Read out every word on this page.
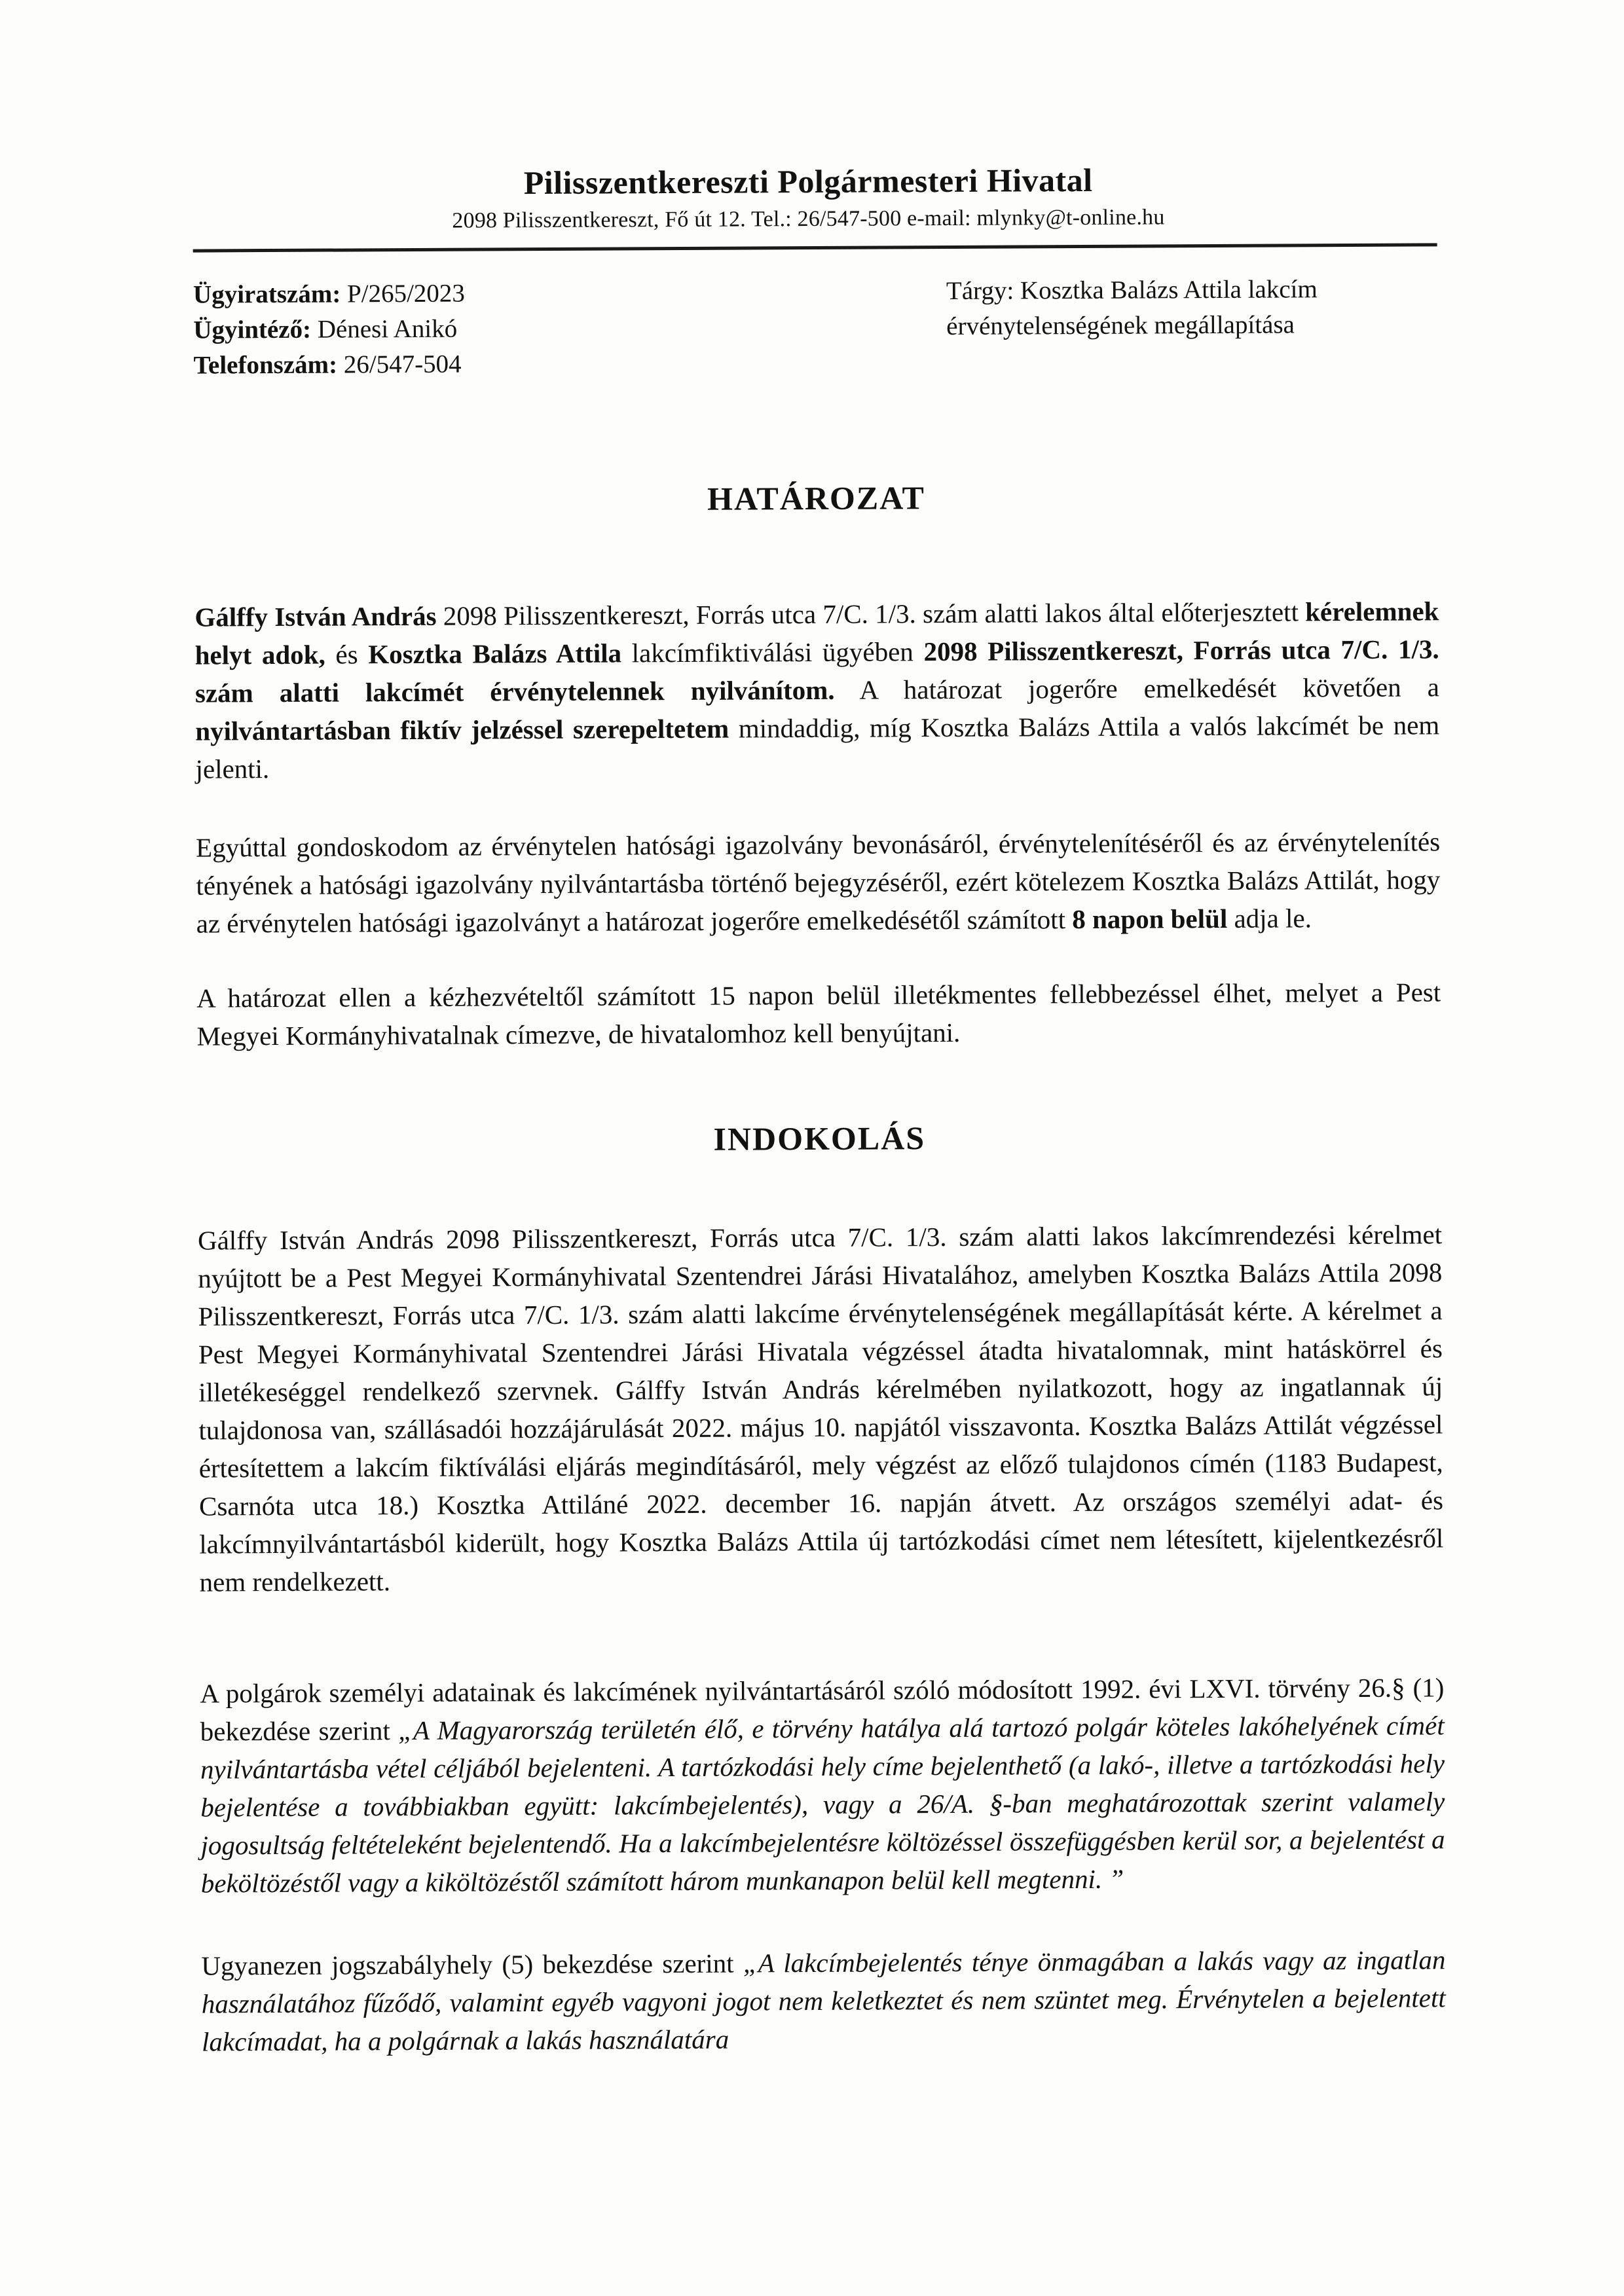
Pilisszentkereszti Polgármesteri Hivatal
2098 Pilisszentkereszt, Fő út 12. Tel.: 26/547-500 e-mail: mlynky@t-online.hu
Ügyiratszám: P/265/2023
Ügyintéző: Dénesi Anikó
Telefonszám: 26/547-504
Tárgy: Kosztka Balázs Attila lakcím érvénytelenségének megállapítása
HATÁROZAT

Gálffy István András 2098 Pilisszentkereszt, Forrás utca 7/C. 1/3. szám alatti lakos által előterjesztett kérelemnek helyt adok, és Kosztka Balázs Attila lakcímfiktiválási ügyében 2098 Pilisszentkereszt, Forrás utca 7/C. 1/3. szám alatti lakcímét érvénytelennek nyilvánítom. A határozat jogerőre emelkedését követően a nyilvántartásban fiktív jelzéssel szerepeltetem mindaddig, míg Kosztka Balázs Attila a valós lakcímét be nem jelenti.

Egyúttal gondoskodom az érvénytelen hatósági igazolvány bevonásáról, érvénytelenítéséről és az érvénytelenítés tényének a hatósági igazolvány nyilvántartásba történő bejegyzéséről, ezért kötelezem Kosztka Balázs Attilát, hogy az érvénytelen hatósági igazolványt a határozat jogerőre emelkedésétől számított 8 napon belül adja le.

A határozat ellen a kézhezvételtől számított 15 napon belül illetékmentes fellebbezéssel élhet, melyet a Pest Megyei Kormányhivatalnak címezve, de hivatalomhoz kell benyújtani.

INDOKOLÁS

Gálffy István András 2098 Pilisszentkereszt, Forrás utca 7/C. 1/3. szám alatti lakos lakcímrendezési kérelmet nyújtott be a Pest Megyei Kormányhivatal Szentendrei Járási Hivatalához, amelyben Kosztka Balázs Attila 2098 Pilisszentkereszt, Forrás utca 7/C. 1/3. szám alatti lakcíme érvénytelenségének megállapítását kérte. A kérelmet a Pest Megyei Kormányhivatal Szentendrei Járási Hivatala végzéssel átadta hivatalomnak, mint hatáskörrel és illetékeséggel rendelkező szervnek. Gálffy István András kérelmében nyilatkozott, hogy az ingatlannak új tulajdonosa van, szállásadói hozzájárulását 2022. május 10. napjától visszavonta. Kosztka Balázs Attilát végzéssel értesítettem a lakcím fiktíválási eljárás megindításáról, mely végzést az előző tulajdonos címén (1183 Budapest, Csarnóta utca 18.) Kosztka Attiláné 2022. december 16. napján átvett. Az országos személyi adat- és lakcímnyilvántartásból kiderült, hogy Kosztka Balázs Attila új tartózkodási címet nem létesített, kijelentkezésről nem rendelkezett.

A polgárok személyi adatainak és lakcímének nyilvántartásáról szóló módosított 1992. évi LXVI. törvény 26.§ (1) bekezdése szerint „A Magyarország területén élő, e törvény hatálya alá tartozó polgár köteles lakóhelyének címét nyilvántartásba vétel céljából bejelenteni. A tartózkodási hely címe bejelenthető (a lakó-, illetve a tartózkodási hely bejelentése a továbbiakban együtt: lakcímbejelentés), vagy a 26/A. §-ban meghatározottak szerint valamely jogosultság feltételeként bejelentendő. Ha a lakcímbejelentésre költözéssel összefüggésben kerül sor, a bejelentést a beköltözéstől vagy a kiköltözéstől számított három munkanapon belül kell megtenni. ”

Ugyanezen jogszabályhely (5) bekezdése szerint „A lakcímbejelentés ténye önmagában a lakás vagy az ingatlan használatához fűződő, valamint egyéb vagyoni jogot nem keletkeztet és nem szüntet meg. Érvénytelen a bejelentett lakcímadat, ha a polgárnak a lakás használatára
